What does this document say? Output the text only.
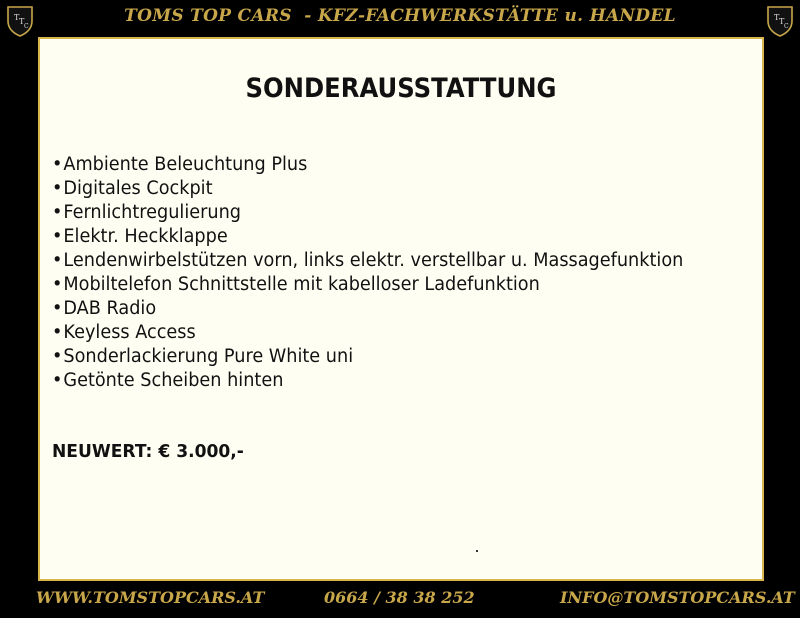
T T
C
TOMS TOP CARS  - KFZ-FACHWERKSTÄTTE u. HANDEL	T T
C
SONDERAUSSTATTUNG
•Ambiente Beleuchtung Plus
•Digitales Cockpit
•Fernlichtregulierung
•Elektr. Heckklappe
•Lendenwirbelstützen vorn, links elektr. verstellbar u. Massagefunktion
•Mobiltelefon Schnittstelle mit kabelloser Ladefunktion
•DAB Radio
•Keyless Access
•Sonderlackierung Pure White uni
•Getönte Scheiben hinten
NEUWERT: € 3.000,-
WWW.TOMSTOPCARS.AT	0664 / 38 38 252	INFO@TOMSTOPCARS.AT
